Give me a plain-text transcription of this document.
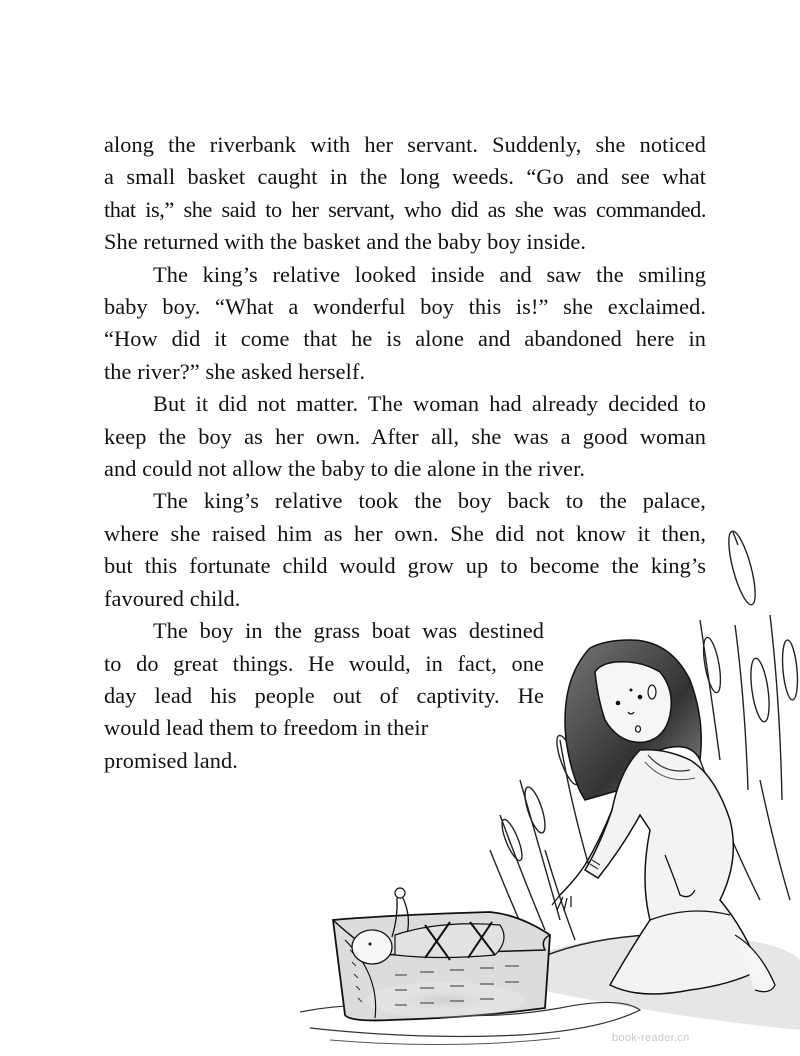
along the riverbank with her servant. Suddenly, she noticed
a small basket caught in the long weeds. “Go and see what
that is,” she said to her servant, who did as she was commanded.
She returned with the basket and the baby boy inside.

The king’s relative looked inside and saw the smiling
baby boy. “What a wonderful boy this is!” she exclaimed.
“How did it come that he is alone and abandoned here in
the river?” she asked herself.

But it did not matter. The woman had already decided to
keep the boy as her own. After all, she was a good woman
and could not allow the baby to die alone in the river.

The king’s relative took the boy back to the palace,
where she raised him as her own. She did not know it then,
but this fortunate child would grow up to become the king’s
favoured child.

The boy in the grass boat was destined
to do great things. He would, in fact, one
day lead his people out of captivity. He
would lead them to freedom in their
promised land.

book-reader.cn
